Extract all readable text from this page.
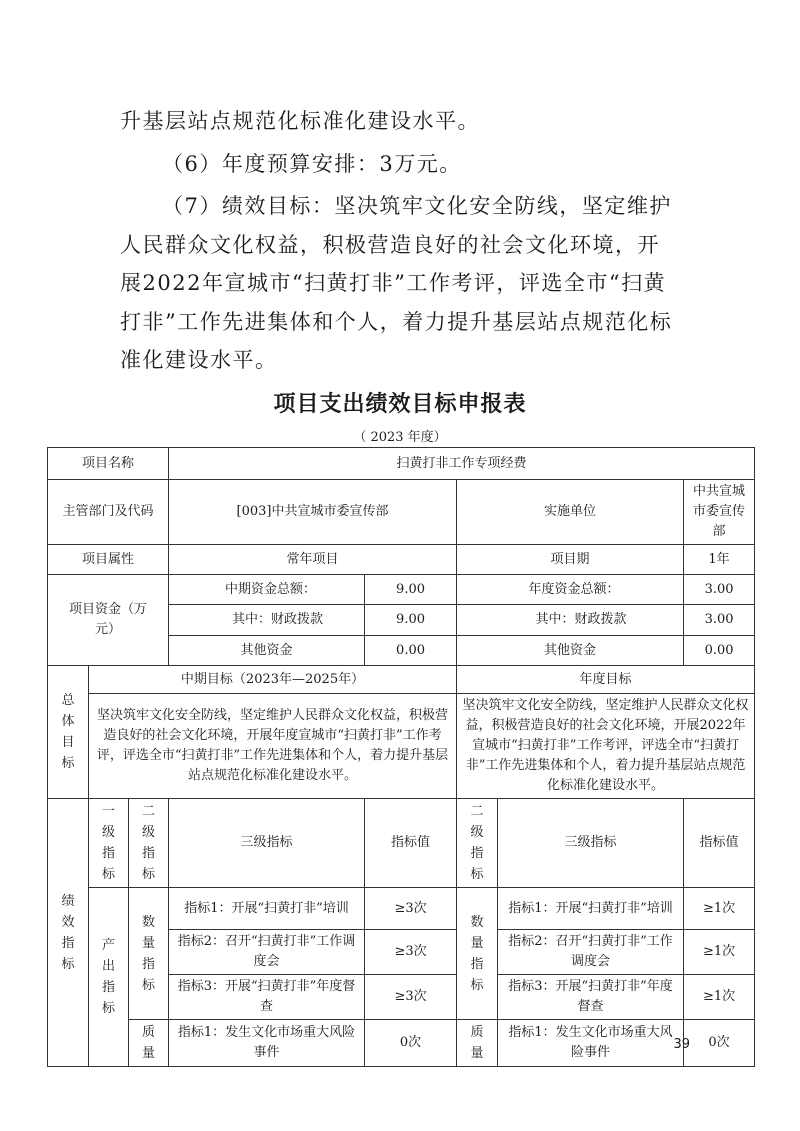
升基层站点规范化标准化建设水平。

（6）年度预算安排：3万元。

（7）绩效目标：坚决筑牢文化安全防线，坚定维护人民群众文化权益，积极营造良好的社会文化环境，开展2022年宣城市“扫黄打非”工作考评，评选全市“扫黄打非”工作先进集体和个人，着力提升基层站点规范化标准化建设水平。

项目支出绩效目标申报表
（ 2023 年度）
项目名称			扫黄打非工作专项经费				
主管部门及代码			[003]中共宣城市委宣传部		实施单位		中共宣城市委宣传部
项目属性			常年项目		项目期		1年
项目资金（万元）			中期资金总额：	9.00	年度资金总额：		3.00
			其中：财政拨款	9.00	其中：财政拨款		3.00
			其他资金	0.00	其他资金		0.00

总体目标	中期目标（2023年—2025年）				年度目标		
	坚决筑牢文化安全防线，坚定维护人民群众文化权益，积极营造良好的社会文化环境，开展年度宣城市“扫黄打非”工作考评，评选全市“扫黄打非”工作先进集体和个人，着力提升基层站点规范化标准化建设水平。				坚决筑牢文化安全防线，坚定维护人民群众文化权益，积极营造良好的社会文化环境，开展2022年宣城市“扫黄打非”工作考评，评选全市“扫黄打非”工作先进集体和个人，着力提升基层站点规范化标准化建设水平。		

绩效指标	一级指标	二级指标	三级指标	指标值	二级指标	三级指标	指标值

	产出指标	数量指标	指标1：开展“扫黄打非”培训	≥3次	数量指标	指标1：开展“扫黄打非”培训	≥1次
			指标2：召开“扫黄打非”工作调度会	≥3次		指标2：召开“扫黄打非”工作调度会	≥1次
			指标3：开展“扫黄打非”年度督查	≥3次		指标3：开展“扫黄打非”年度督查	≥1次

		质量	指标1：发生文化市场重大风险事件	0次	质量	指标1：发生文化市场重大风险事件	0次
39
